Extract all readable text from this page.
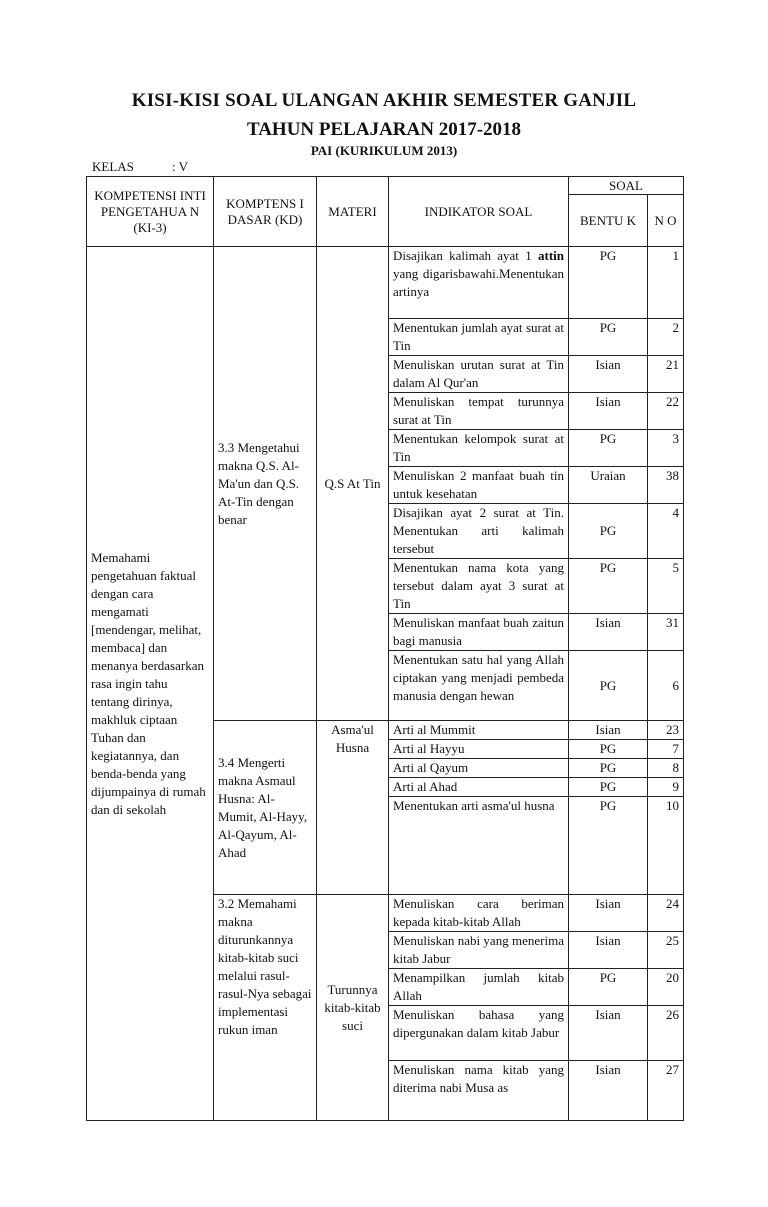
KISI-KISI SOAL ULANGAN AKHIR SEMESTER GANJIL
TAHUN PELAJARAN 2017-2018
PAI (KURIKULUM 2013)
KELAS	: V
KOMPETENSI INTI PENGETAHUA N (KI-3)	KOMPTENS I DASAR (KD)	MATERI	INDIKATOR SOAL	SOAL	
				BENTU K	N O
Memahami pengetahuan faktual dengan cara mengamati [mendengar, melihat, membaca] dan menanya berdasarkan rasa ingin tahu tentang dirinya, makhluk ciptaan Tuhan dan kegiatannya, dan benda-benda yang dijumpainya di rumah dan di sekolah	3.3 Mengetahui makna Q.S. Al-Ma'un dan Q.S. At-Tin dengan benar	Q.S At Tin	Disajikan kalimah ayat 1 attin yang digarisbawahi.Menentukan artinya	PG	1
			Menentukan jumlah ayat surat at Tin	PG	2
			Menuliskan urutan surat at Tin dalam Al Qur'an	Isian	21
			Menuliskan tempat turunnya surat at Tin	Isian	22
			Menentukan kelompok surat at Tin	PG	3
			Menuliskan 2 manfaat buah tin untuk kesehatan	Uraian	38
			Disajikan ayat 2 surat at Tin. Menentukan arti kalimah tersebut	PG	4
			Menentukan nama kota yang tersebut dalam ayat 3 surat at Tin	PG	5
			Menuliskan manfaat buah zaitun bagi manusia	Isian	31
			Menentukan satu hal yang Allah ciptakan yang menjadi pembeda manusia dengan hewan	PG	6
	3.4 Mengerti makna Asmaul Husna: Al-Mumit, Al-Hayy, Al-Qayum, Al-Ahad	Asma'ul Husna	Arti al Mummit	Isian	23
			Arti al Hayyu	PG	7
			Arti al Qayum	PG	8
			Arti al Ahad	PG	9
			Menentukan arti asma'ul husna	PG	10
	3.2 Memahami makna diturunkannya kitab-kitab suci melalui rasul-rasul-Nya sebagai implementasi rukun iman	Turunnya kitab-kitab suci	Menuliskan cara beriman kepada kitab-kitab Allah	Isian	24
			Menuliskan nabi yang menerima kitab Jabur	Isian	25
			Menampilkan jumlah kitab Allah	PG	20
			Menuliskan bahasa yang dipergunakan dalam kitab Jabur	Isian	26
			Menuliskan nama kitab yang diterima nabi Musa as	Isian	27
